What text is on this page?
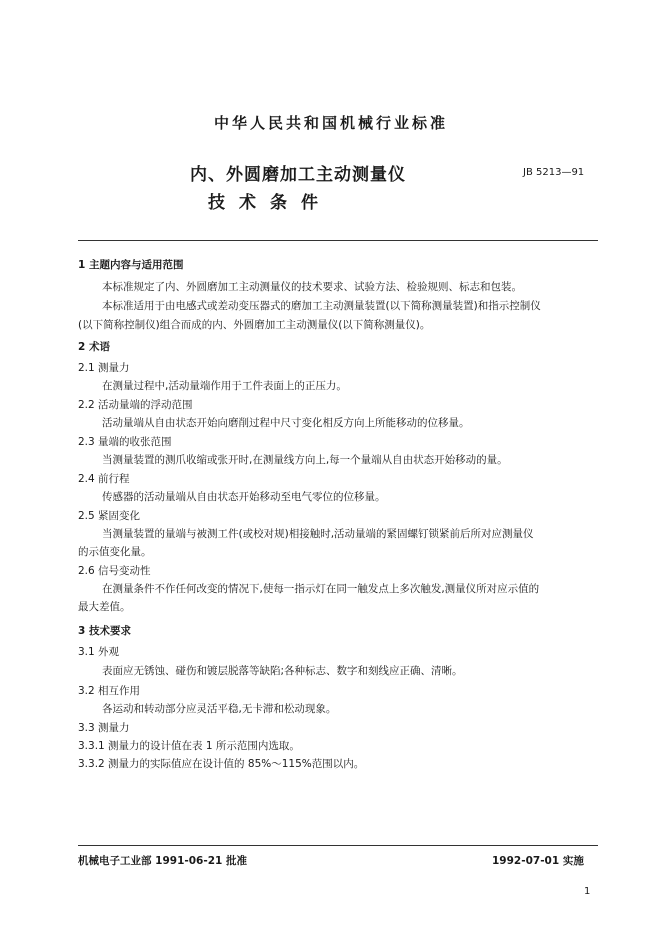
中华人民共和国机械行业标准
内、外圆磨加工主动测量仪
技术条件
JB 5213—91
1 主题内容与适用范围
本标准规定了内、外圆磨加工主动测量仪的技术要求、试验方法、检验规则、标志和包装。
本标准适用于由电感式或差动变压器式的磨加工主动测量装置(以下简称测量装置)和指示控制仪
(以下简称控制仪)组合而成的内、外圆磨加工主动测量仪(以下简称测量仪)。
2 术语
2.1 测量力
在测量过程中,活动量端作用于工件表面上的正压力。
2.2 活动量端的浮动范围
活动量端从自由状态开始向磨削过程中尺寸变化相反方向上所能移动的位移量。
2.3 量端的收张范围
当测量装置的测爪收缩或张开时,在测量线方向上,每一个量端从自由状态开始移动的量。
2.4 前行程
传感器的活动量端从自由状态开始移动至电气零位的位移量。
2.5 紧固变化
当测量装置的量端与被测工件(或校对规)相接触时,活动量端的紧固螺钉锁紧前后所对应测量仪
的示值变化量。
2.6 信号变动性
在测量条件不作任何改变的情况下,使每一指示灯在同一触发点上多次触发,测量仪所对应示值的
最大差值。
3 技术要求
3.1 外观
表面应无锈蚀、碰伤和镀层脱落等缺陷;各种标志、数字和刻线应正确、清晰。
3.2 相互作用
各运动和转动部分应灵活平稳,无卡滞和松动现象。
3.3 测量力
3.3.1 测量力的设计值在表 1 所示范围内选取。
3.3.2 测量力的实际值应在设计值的 85%～115%范围以内。
机械电子工业部 1991-06-21 批准	1992-07-01 实施
1
